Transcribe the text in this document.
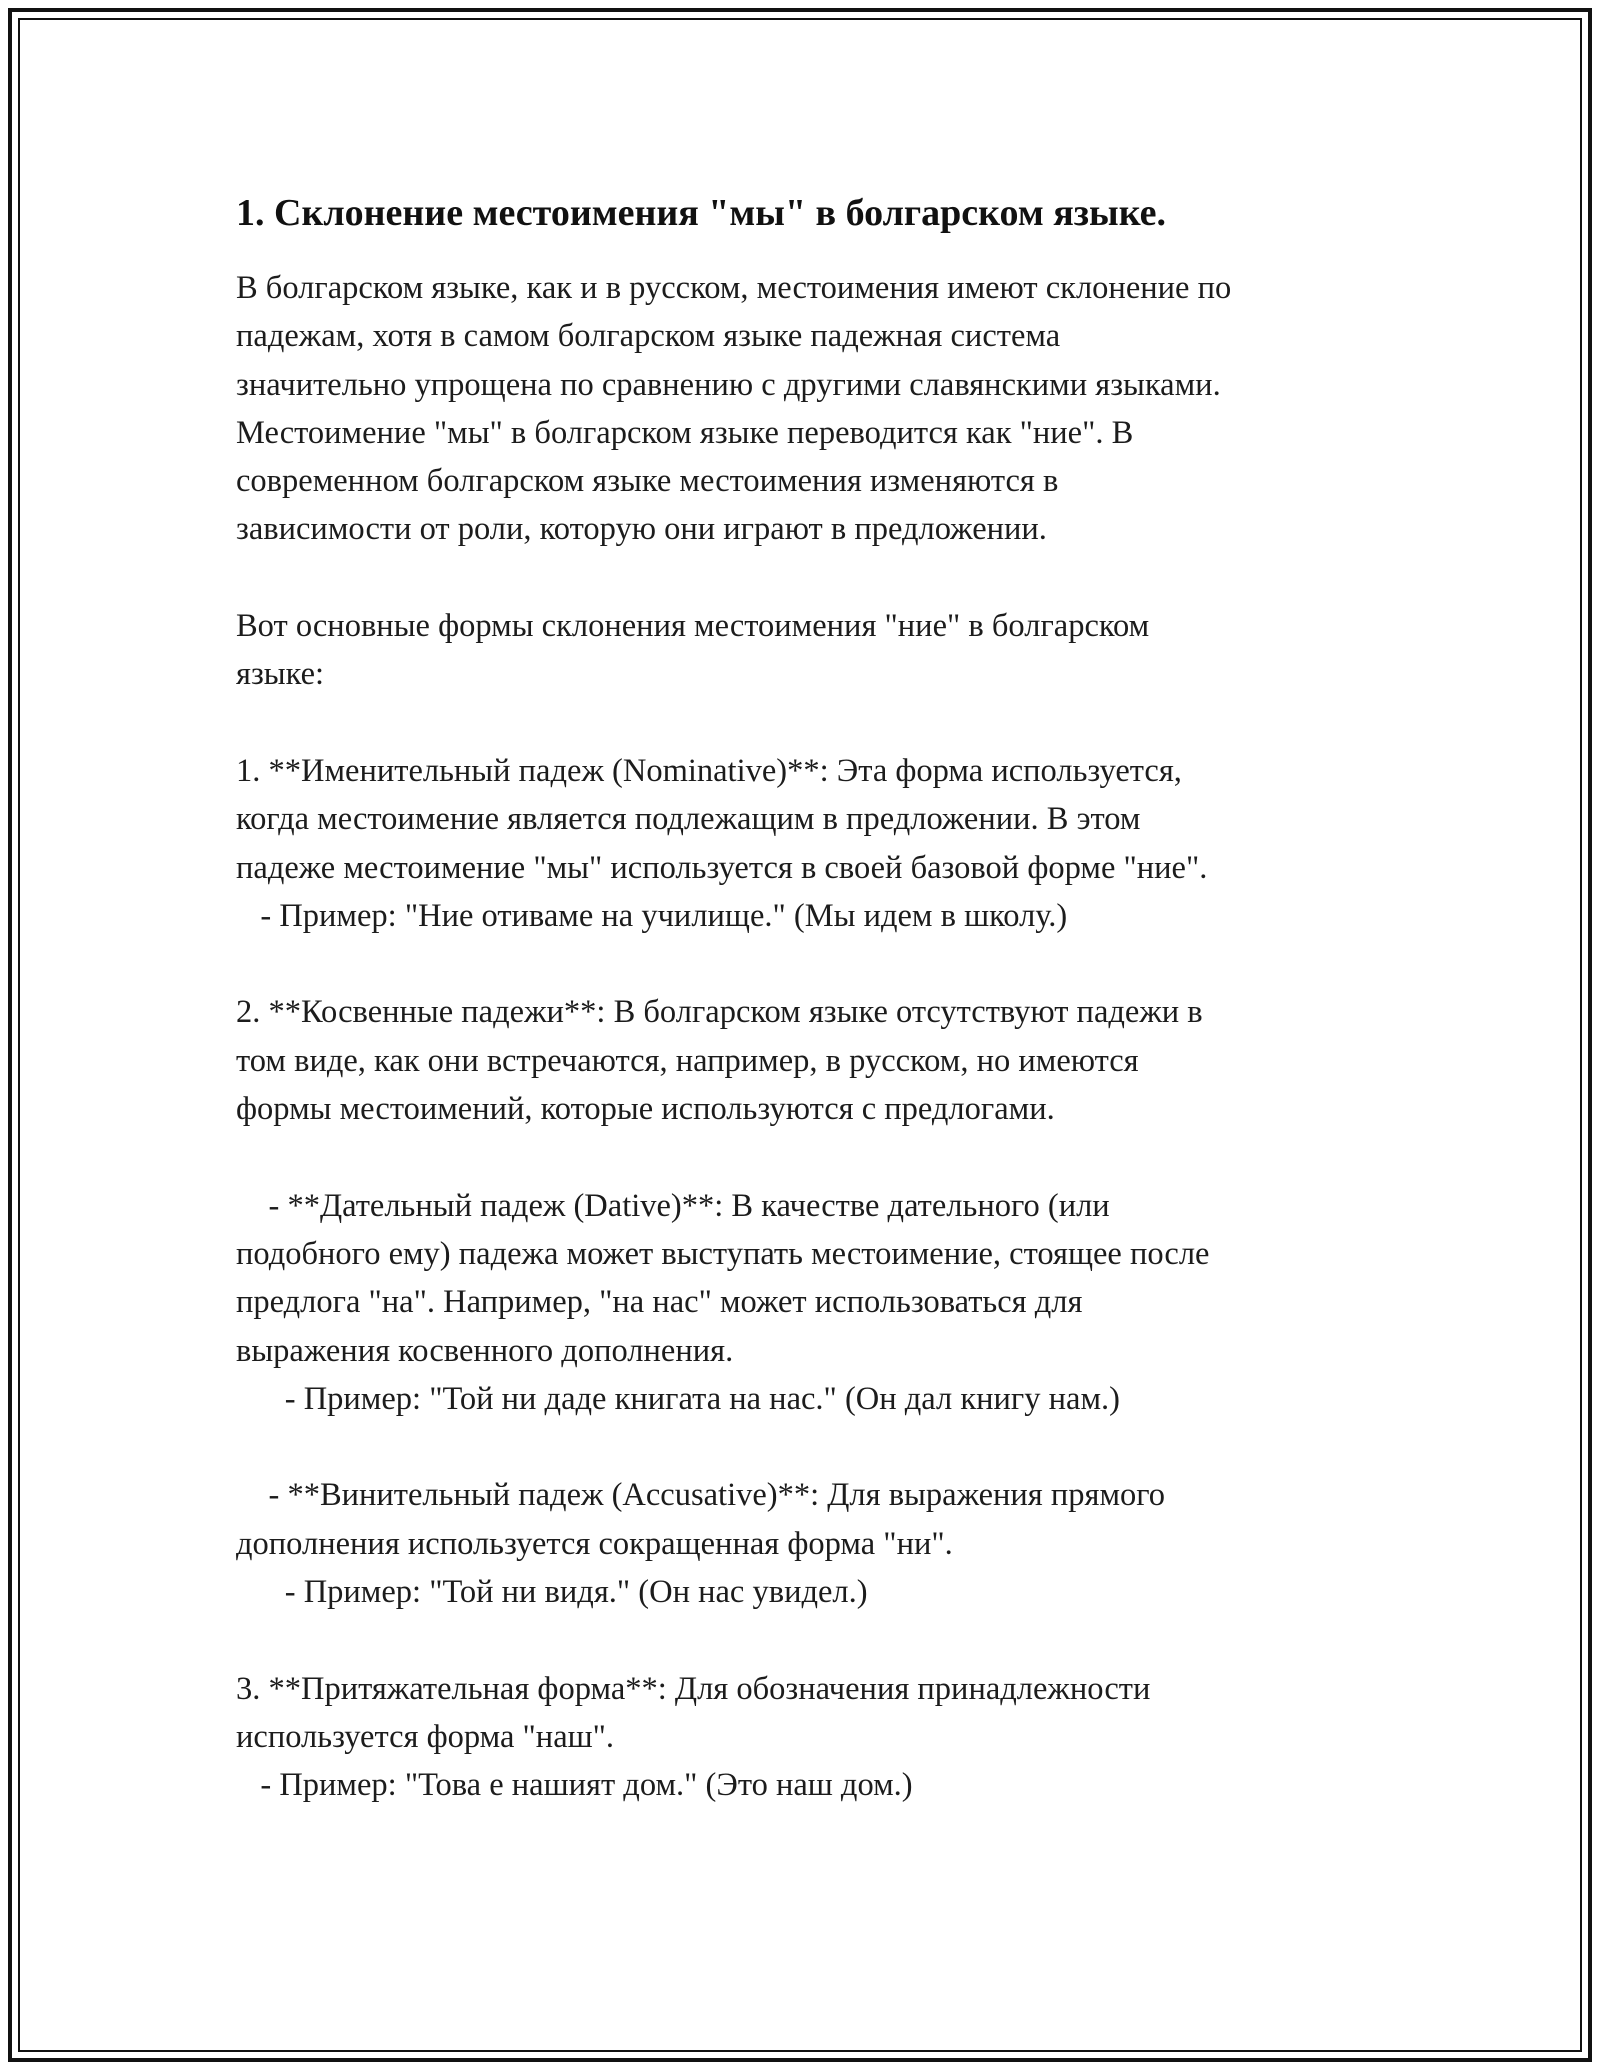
1. Склонение местоимения "мы" в болгарском языке.

В болгарском языке, как и в русском, местоимения имеют склонение по
падежам, хотя в самом болгарском языке падежная система
значительно упрощена по сравнению с другими славянскими языками.
Местоимение "мы" в болгарском языке переводится как "ние". В
современном болгарском языке местоимения изменяются в
зависимости от роли, которую они играют в предложении.

Вот основные формы склонения местоимения "ние" в болгарском
языке:

1. **Именительный падеж (Nominative)**: Эта форма используется,
когда местоимение является подлежащим в предложении. В этом
падеже местоимение "мы" используется в своей базовой форме "ние".
- Пример: "Ние отиваме на училище." (Мы идем в школу.)

2. **Косвенные падежи**: В болгарском языке отсутствуют падежи в
том виде, как они встречаются, например, в русском, но имеются
формы местоимений, которые используются с предлогами.

- **Дательный падеж (Dative)**: В качестве дательного (или
подобного ему) падежа может выступать местоимение, стоящее после
предлога "на". Например, "на нас" может использоваться для
выражения косвенного дополнения.
- Пример: "Той ни даде книгата на нас." (Он дал книгу нам.)

- **Винительный падеж (Accusative)**: Для выражения прямого
дополнения используется сокращенная форма "ни".
- Пример: "Той ни видя." (Он нас увидел.)

3. **Притяжательная форма**: Для обозначения принадлежности
используется форма "наш".
- Пример: "Това е нашият дом." (Это наш дом.)
